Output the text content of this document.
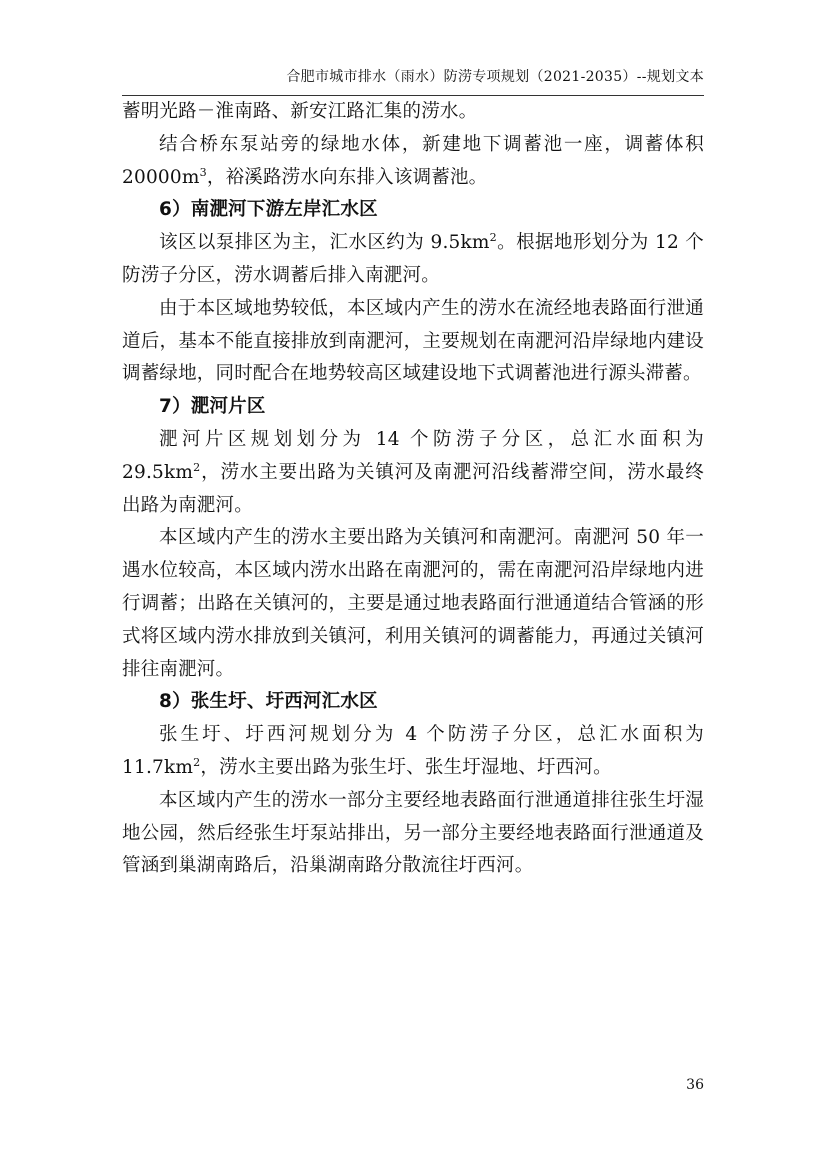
合肥市城市排水（雨水）防涝专项规划（2021-2035）--规划文本

蓄明光路－淮南路、新安江路汇集的涝水。

结合桥东泵站旁的绿地水体，新建地下调蓄池一座，调蓄体积$20000m^3$，裕溪路涝水向东排入该调蓄池。

6）南淝河下游左岸汇水区

该区以泵排区为主，汇水区约为 $9.5km^2$。根据地形划分为 12 个防涝子分区，涝水调蓄后排入南淝河。

由于本区域地势较低，本区域内产生的涝水在流经地表路面行泄通道后，基本不能直接排放到南淝河，主要规划在南淝河沿岸绿地内建设调蓄绿地，同时配合在地势较高区域建设地下式调蓄池进行源头滞蓄。

7）淝河片区

淝河片区规划划分为 14 个防涝子分区，总汇水面积为 $29.5km^2$，涝水主要出路为关镇河及南淝河沿线蓄滞空间，涝水最终出路为南淝河。

本区域内产生的涝水主要出路为关镇河和南淝河。南淝河 50 年一遇水位较高，本区域内涝水出路在南淝河的，需在南淝河沿岸绿地内进行调蓄；出路在关镇河的，主要是通过地表路面行泄通道结合管涵的形式将区域内涝水排放到关镇河，利用关镇河的调蓄能力，再通过关镇河排往南淝河。

8）张生圩、圩西河汇水区

张生圩、圩西河规划分为 4 个防涝子分区，总汇水面积为 $11.7km^2$，涝水主要出路为张生圩、张生圩湿地、圩西河。

本区域内产生的涝水一部分主要经地表路面行泄通道排往张生圩湿地公园，然后经张生圩泵站排出，另一部分主要经地表路面行泄通道及管涵到巢湖南路后，沿巢湖南路分散流往圩西河。

36
